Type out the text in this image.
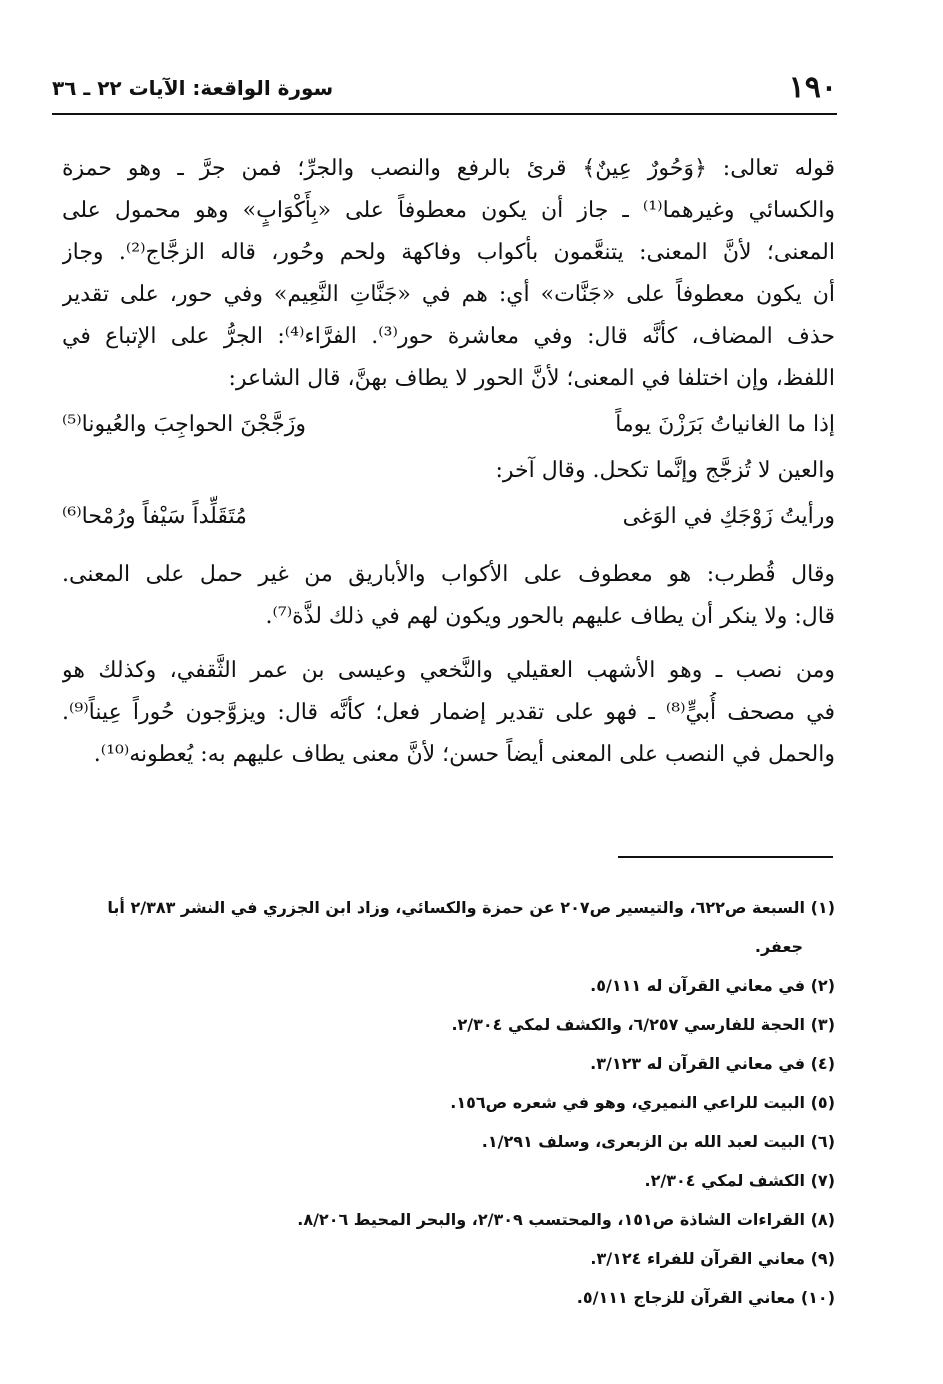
١٩٠
سورة الواقعة: الآيات ٢٢ ـ ٣٦
قوله تعالى: ﴿وَحُورٌ عِينٌ﴾ قرئ بالرفع والنصب والجرِّ؛ فمن جرَّ ـ وهو حمزة
والكسائي وغيرهما⁽¹⁾ ـ جاز أن يكون معطوفاً على «بِأَكْوَابٍ» وهو محمول على
المعنى؛ لأنَّ المعنى: يتنعَّمون بأكواب وفاكهة ولحم وحُور، قاله الزجَّاج⁽²⁾. وجاز
أن يكون معطوفاً على «جَنَّات» أي: هم في «جَنَّاتِ النَّعِيم» وفي حور، على تقدير
حذف المضاف، كأنَّه قال: وفي معاشرة حور⁽³⁾. الفرَّاء⁽⁴⁾: الجرُّ على الإتباع في
اللفظ، وإن اختلفا في المعنى؛ لأنَّ الحور لا يطاف بهنَّ، قال الشاعر:
إذا ما الغانياتُ بَرَزْنَ يوماً
وزَجَّجْنَ الحواجِبَ والعُيونا⁽⁵⁾
والعين لا تُزجَّج وإنَّما تكحل. وقال آخر:
ورأيتُ زَوْجَكِ في الوَغى
مُتَقَلِّداً سَيْفاً ورُمْحا⁽⁶⁾
وقال قُطرب: هو معطوف على الأكواب والأباريق من غير حمل على المعنى.
قال: ولا ينكر أن يطاف عليهم بالحور ويكون لهم في ذلك لذَّة⁽⁷⁾.
ومن نصب ـ وهو الأشهب العقيلي والنَّخعي وعيسى بن عمر الثَّقفي، وكذلك هو
في مصحف أُبيٍّ⁽⁸⁾ ـ فهو على تقدير إضمار فعل؛ كأنَّه قال: ويزوَّجون حُوراً عِيناً⁽⁹⁾.
والحمل في النصب على المعنى أيضاً حسن؛ لأنَّ معنى يطاف عليهم به: يُعطونه⁽¹⁰⁾.
(١) السبعة ص٦٢٢، والتيسير ص٢٠٧ عن حمزة والكسائي، وزاد ابن الجزري في النشر ٢/٣٨٣ أبا
جعفر.
(٢) في معاني القرآن له ٥/١١١.
(٣) الحجة للفارسي ٦/٢٥٧، والكشف لمكي ٢/٣٠٤.
(٤) في معاني القرآن له ٣/١٢٣.
(٥) البيت للراعي النميري، وهو في شعره ص١٥٦.
(٦) البيت لعبد الله بن الزبعرى، وسلف ١/٢٩١.
(٧) الكشف لمكي ٢/٣٠٤.
(٨) القراءات الشاذة ص١٥١، والمحتسب ٢/٣٠٩، والبحر المحيط ٨/٢٠٦.
(٩) معاني القرآن للفراء ٣/١٢٤.
(١٠) معاني القرآن للزجاج ٥/١١١.
